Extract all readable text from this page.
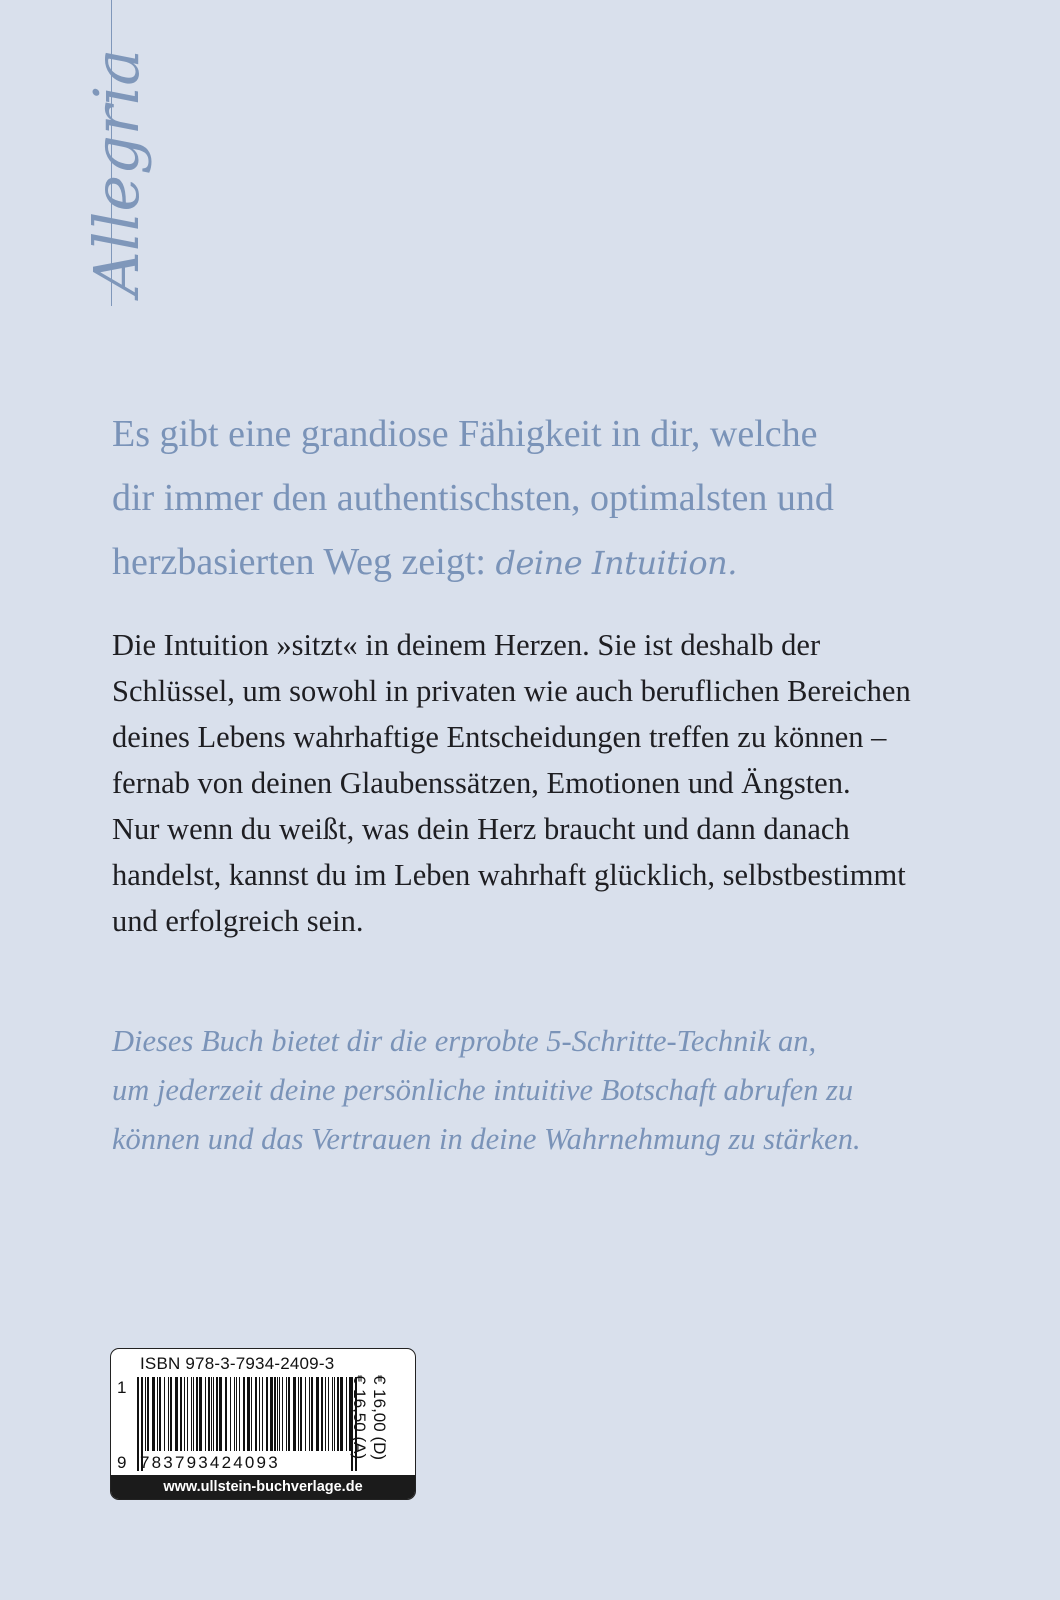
Allegria

Es gibt eine grandiose Fähigkeit in dir, welche
dir immer den authentischsten, optimalsten und
herzbasierten Weg zeigt: deine Intuition.

Die Intuition »sitzt« in deinem Herzen. Sie ist deshalb der
Schlüssel, um sowohl in privaten wie auch beruflichen Bereichen
deines Lebens wahrhaftige Entscheidungen treffen zu können –
fernab von deinen Glaubenssätzen, Emotionen und Ängsten.
Nur wenn du weißt, was dein Herz braucht und dann danach
handelst, kannst du im Leben wahrhaft glücklich, selbstbestimmt
und erfolgreich sein.

Dieses Buch bietet dir die erprobte 5-Schritte-Technik an,
um jederzeit deine persönliche intuitive Botschaft abrufen zu
können und das Vertrauen in deine Wahrnehmung zu stärken.

ISBN 978-3-7934-2409-3
1
9 783793424093
€ 16,00 (D)
€ 16,50 (A)
www.ullstein-buchverlage.de
